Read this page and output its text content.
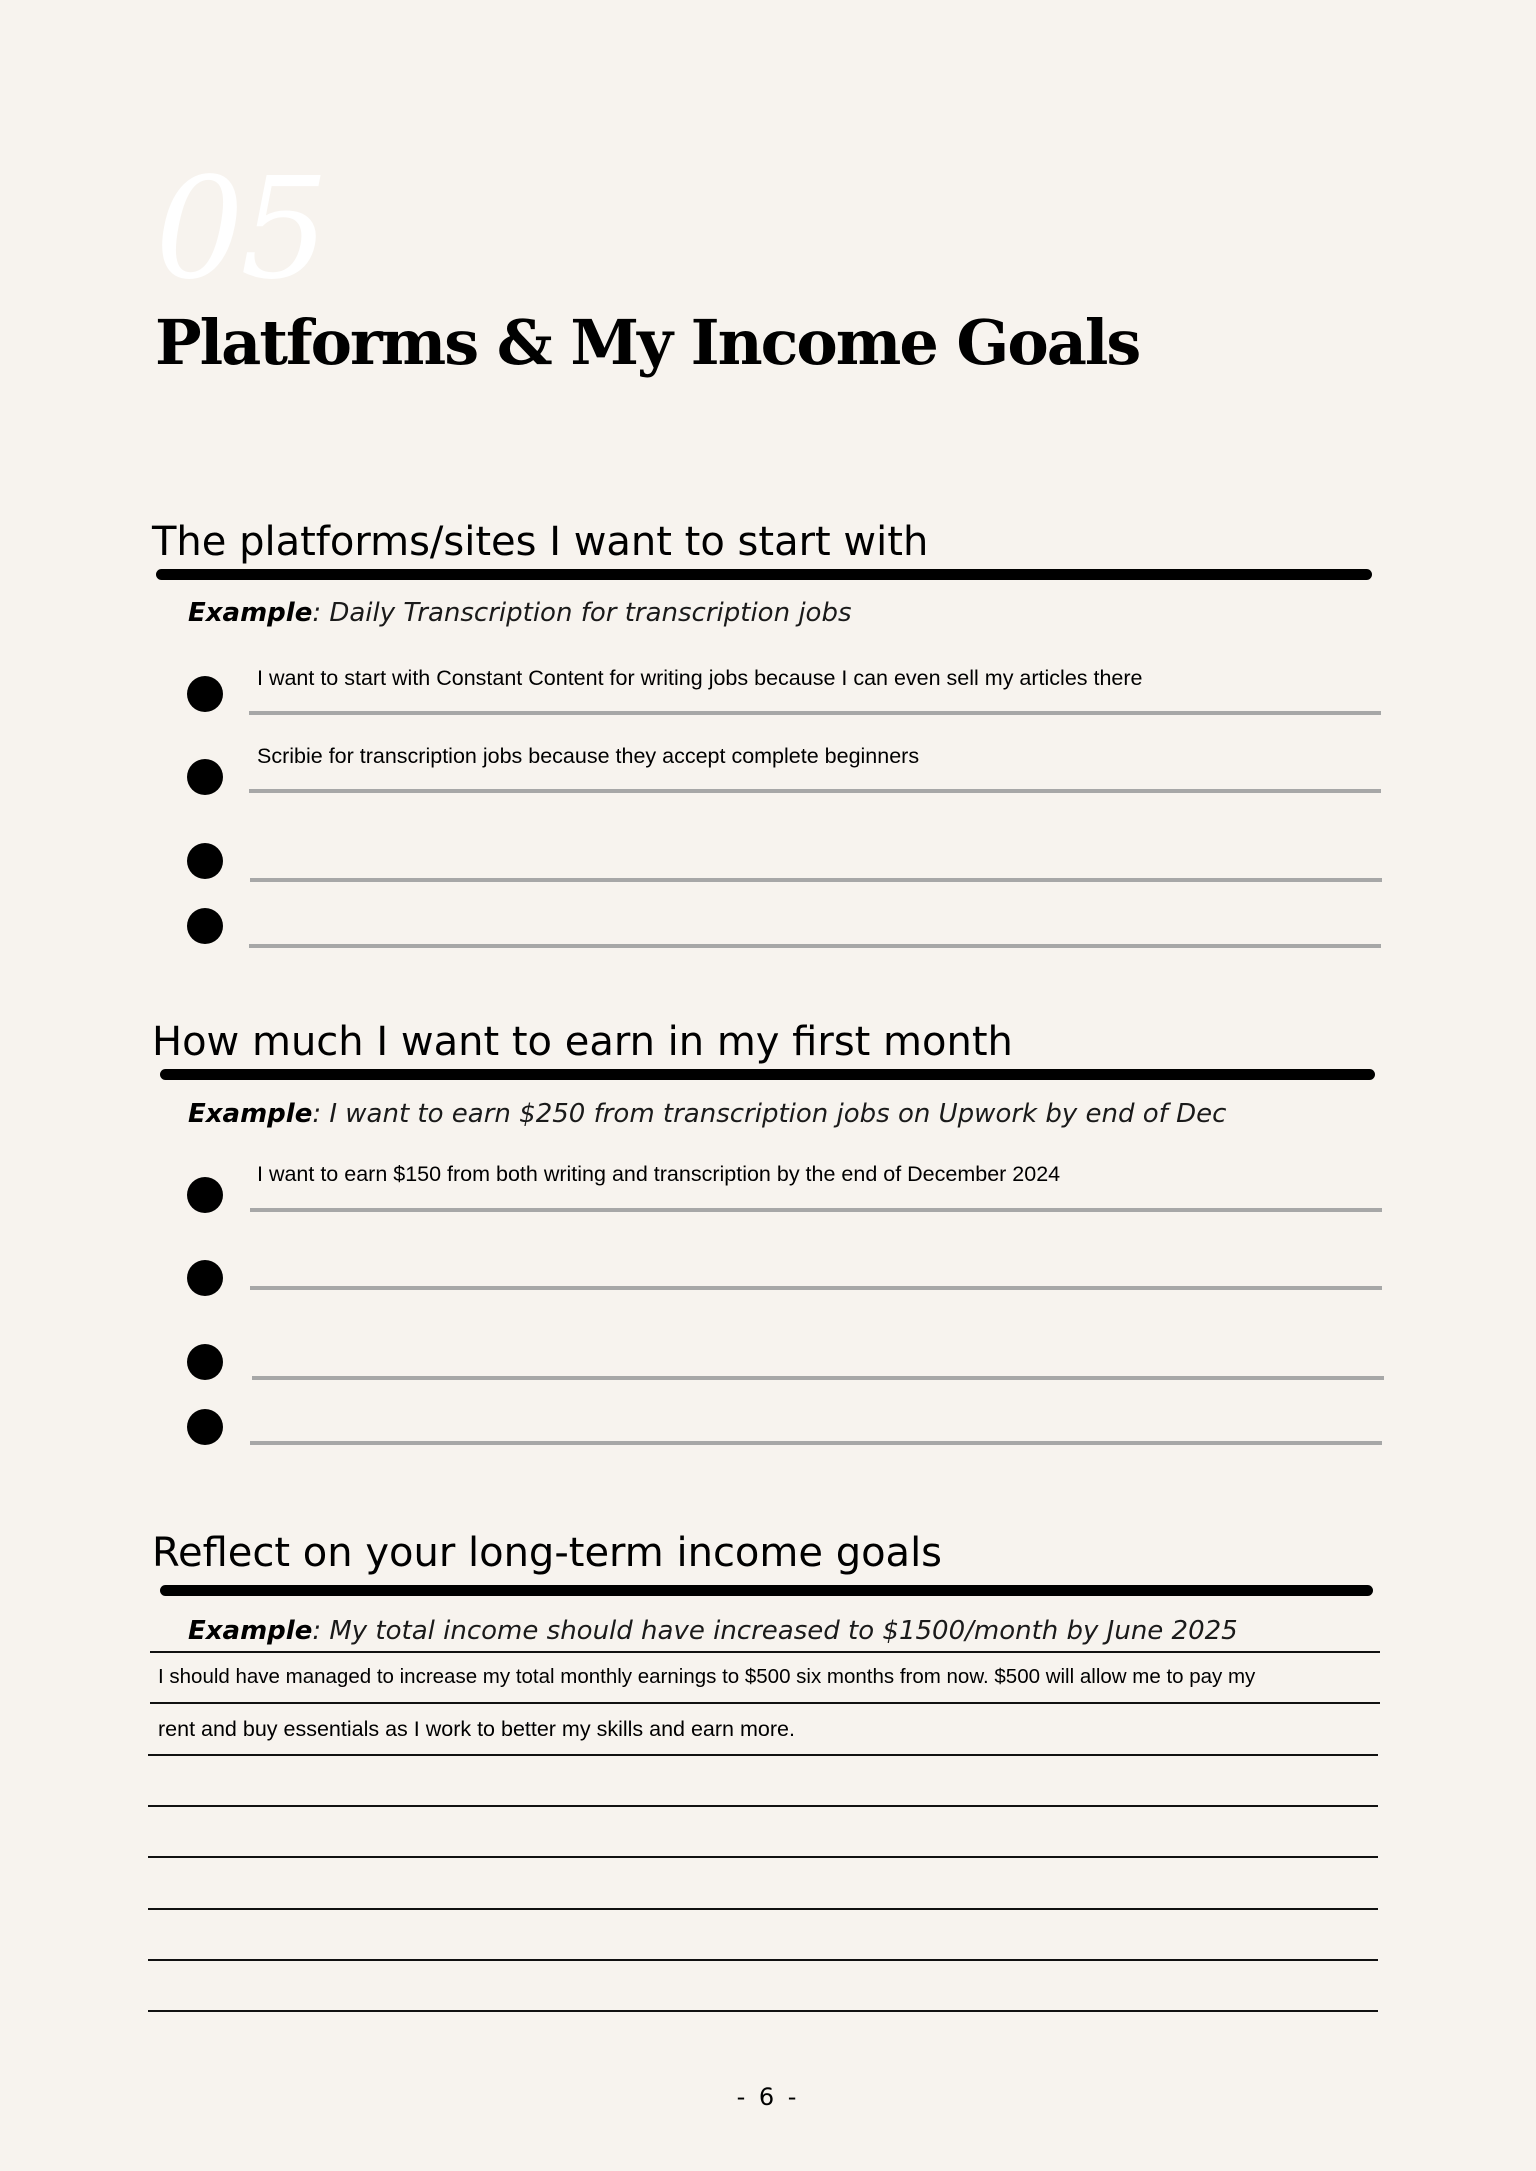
05
Platforms & My Income Goals
The platforms/sites I want to start with
Example: Daily Transcription for transcription jobs
I want to start with Constant Content for writing jobs because I can even sell my articles there
Scribie for transcription jobs because they accept complete beginners
How much I want to earn in my first month
Example: I want to earn $250 from transcription jobs on Upwork by end of Dec
I want to earn $150 from both writing and transcription by the end of December 2024
Reflect on your long-term income goals
Example: My total income should have increased to $1500/month by June 2025
I should have managed to increase my total monthly earnings to $500 six months from now. $500 will allow me to pay my
rent and buy essentials as I work to better my skills and earn more.
- 6 -
